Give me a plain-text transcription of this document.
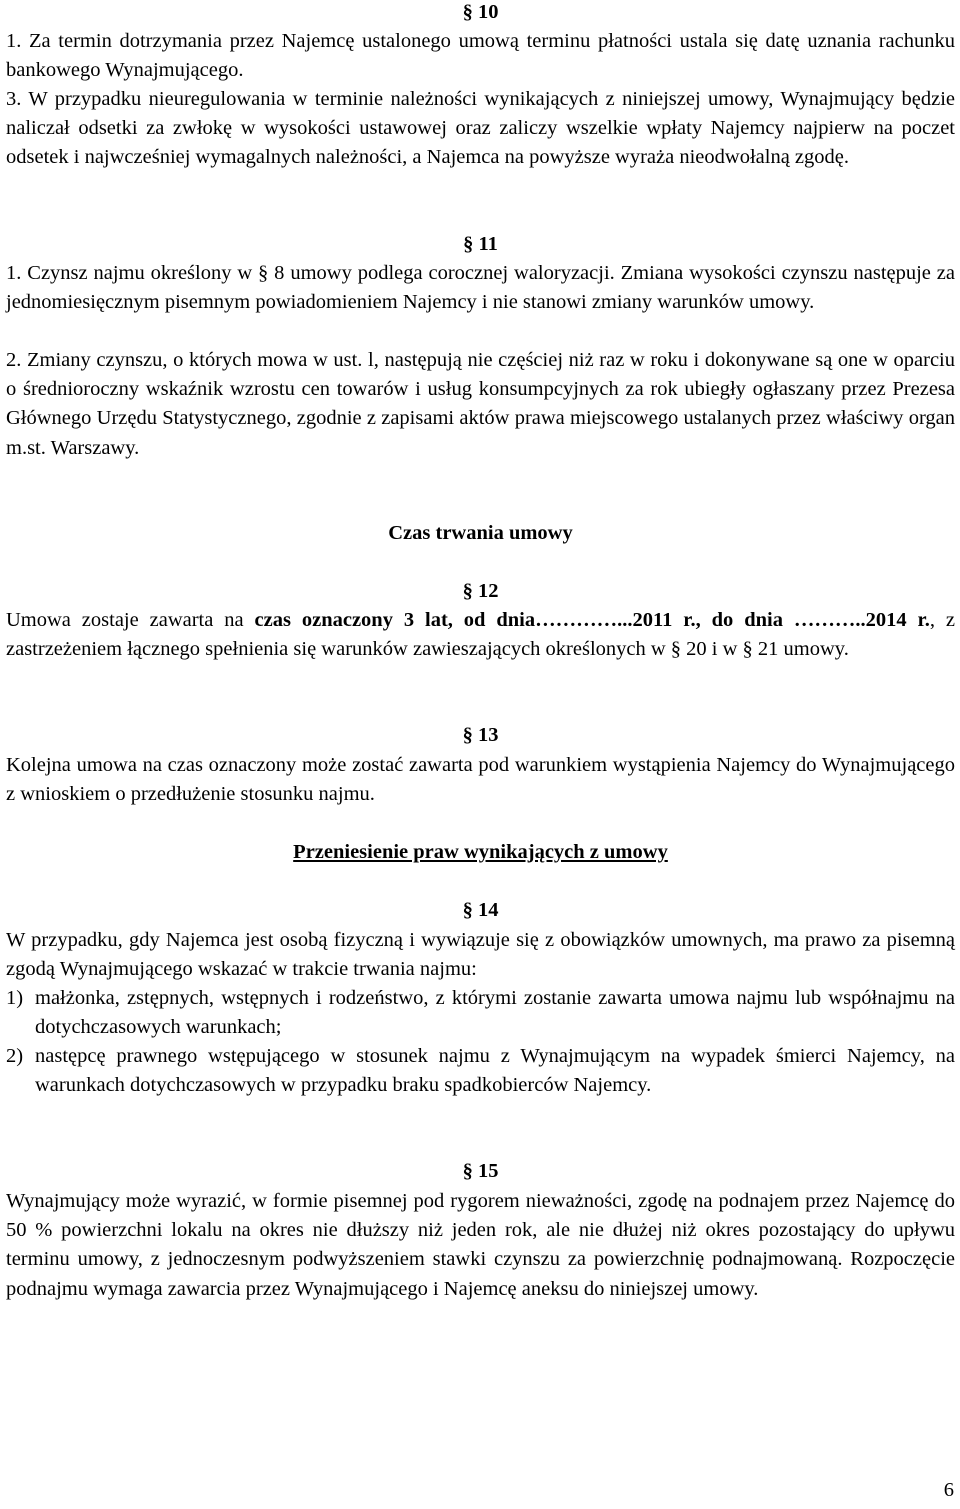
§ 10

1. Za termin dotrzymania przez Najemcę ustalonego umową terminu płatności ustala się datę uznania rachunku bankowego Wynajmującego.

3. W przypadku nieuregulowania w terminie należności wynikających z niniejszej umowy, Wynajmujący będzie naliczał odsetki za zwłokę w wysokości ustawowej oraz zaliczy wszelkie wpłaty Najemcy najpierw na poczet odsetek i najwcześniej wymagalnych należności, a Najemca na powyższe wyraża nieodwołalną zgodę.

§ 11

1. Czynsz najmu określony w § 8 umowy podlega corocznej waloryzacji. Zmiana wysokości czynszu następuje za jednomiesięcznym pisemnym powiadomieniem Najemcy i nie stanowi zmiany warunków umowy.

2. Zmiany czynszu, o których mowa w ust. l, następują nie częściej niż raz w roku i dokonywane są one w oparciu o średnioroczny wskaźnik wzrostu cen towarów i usług konsumpcyjnych za rok ubiegły ogłaszany przez Prezesa Głównego Urzędu Statystycznego, zgodnie z zapisami aktów prawa miejscowego ustalanych przez właściwy organ m.st. Warszawy.

Czas trwania umowy
§ 12

Umowa zostaje zawarta na czas oznaczony 3 lat, od dnia…………...2011 r., do dnia ………..2014 r., z zastrzeżeniem łącznego spełnienia się warunków zawieszających określonych w § 20 i w § 21 umowy.

§ 13

Kolejna umowa na czas oznaczony może zostać zawarta pod warunkiem wystąpienia Najemcy do Wynajmującego z wnioskiem o przedłużenie stosunku najmu.

Przeniesienie praw wynikających z umowy
§ 14

W przypadku, gdy Najemca jest osobą fizyczną i wywiązuje się z obowiązków umownych, ma prawo za pisemną zgodą Wynajmującego wskazać w trakcie trwania najmu:

1) małżonka, zstępnych, wstępnych i rodzeństwo, z którymi zostanie zawarta umowa najmu lub współnajmu na dotychczasowych warunkach;
2) następcę prawnego wstępującego w stosunek najmu z Wynajmującym na wypadek śmierci Najemcy, na warunkach dotychczasowych w przypadku braku spadkobierców Najemcy.
§ 15

Wynajmujący może wyrazić, w formie pisemnej pod rygorem nieważności, zgodę na podnajem przez Najemcę do 50 % powierzchni lokalu na okres nie dłuższy niż jeden rok, ale nie dłużej niż okres pozostający do upływu terminu umowy, z jednoczesnym podwyższeniem stawki czynszu za powierzchnię podnajmowaną. Rozpoczęcie podnajmu wymaga zawarcia przez Wynajmującego i Najemcę aneksu do niniejszej umowy.

6
